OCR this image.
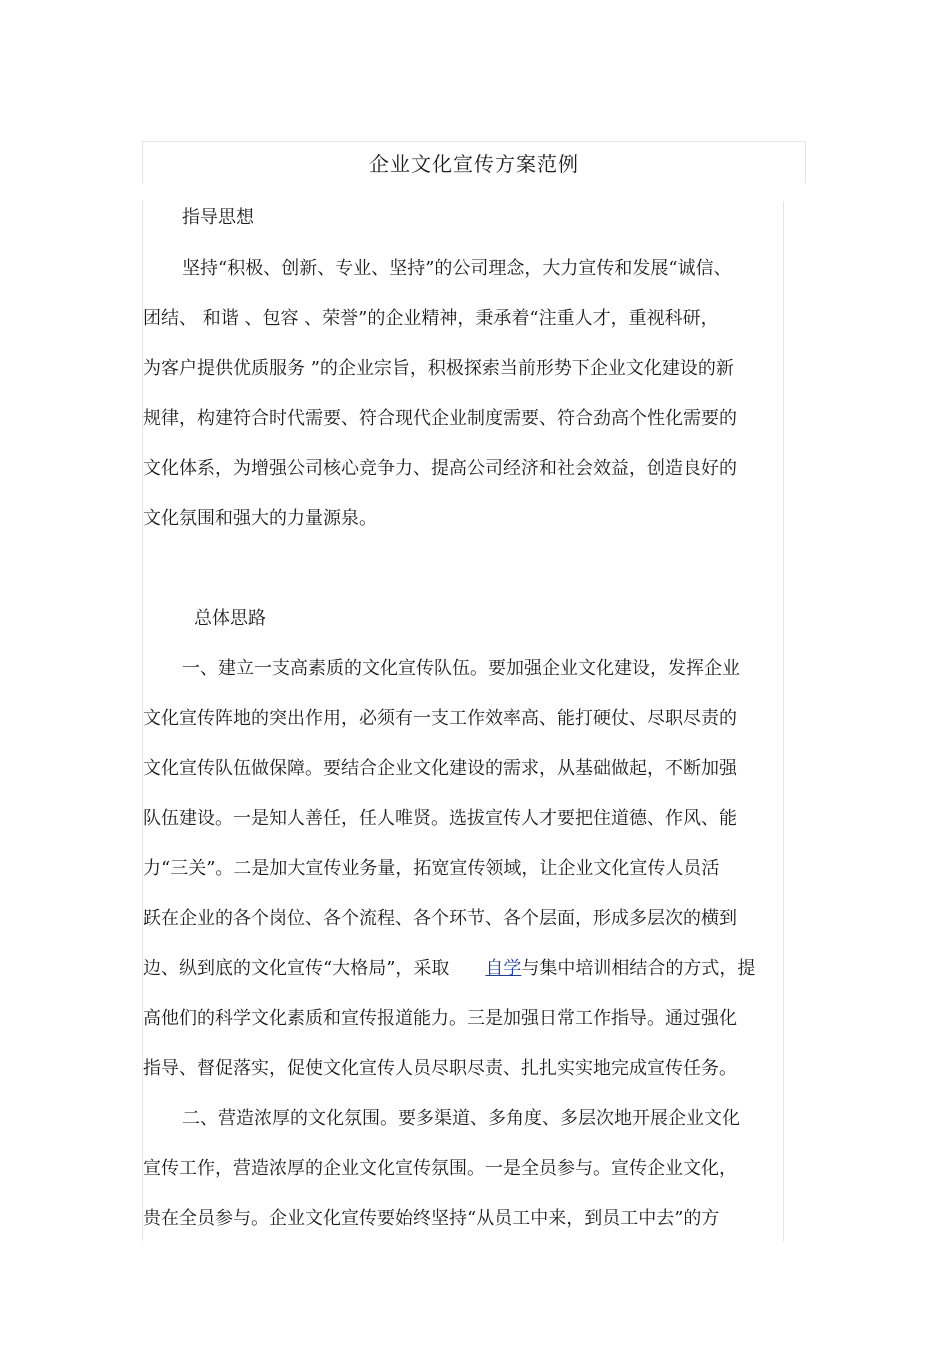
企业文化宣传方案范例
指导思想
坚持“积极、创新、专业、坚持”的公司理念，大力宣传和发展“诚信、
团结、 和谐 、包容 、荣誉”的企业精神，秉承着“注重人才，重视科研，
为客户提供优质服务 ”的企业宗旨，积极探索当前形势下企业文化建设的新
规律，构建符合时代需要、符合现代企业制度需要、符合劲高个性化需要的
文化体系，为增强公司核心竞争力、提高公司经济和社会效益，创造良好的
文化氛围和强大的力量源泉。
总体思路
一、建立一支高素质的文化宣传队伍。要加强企业文化建设，发挥企业
文化宣传阵地的突出作用，必须有一支工作效率高、能打硬仗、尽职尽责的
文化宣传队伍做保障。要结合企业文化建设的需求，从基础做起，不断加强
队伍建设。一是知人善任，任人唯贤。选拔宣传人才要把住道德、作风、能
力“三关”。二是加大宣传业务量，拓宽宣传领域，让企业文化宣传人员活
跃在企业的各个岗位、各个流程、各个环节、各个层面，形成多层次的横到
边、纵到底的文化宣传“大格局”，采取 自学与集中培训相结合的方式，提
高他们的科学文化素质和宣传报道能力。三是加强日常工作指导。通过强化
指导、督促落实，促使文化宣传人员尽职尽责、扎扎实实地完成宣传任务。
二、营造浓厚的文化氛围。要多渠道、多角度、多层次地开展企业文化
宣传工作，营造浓厚的企业文化宣传氛围。一是全员参与。宣传企业文化，
贵在全员参与。企业文化宣传要始终坚持“从员工中来，到员工中去”的方
